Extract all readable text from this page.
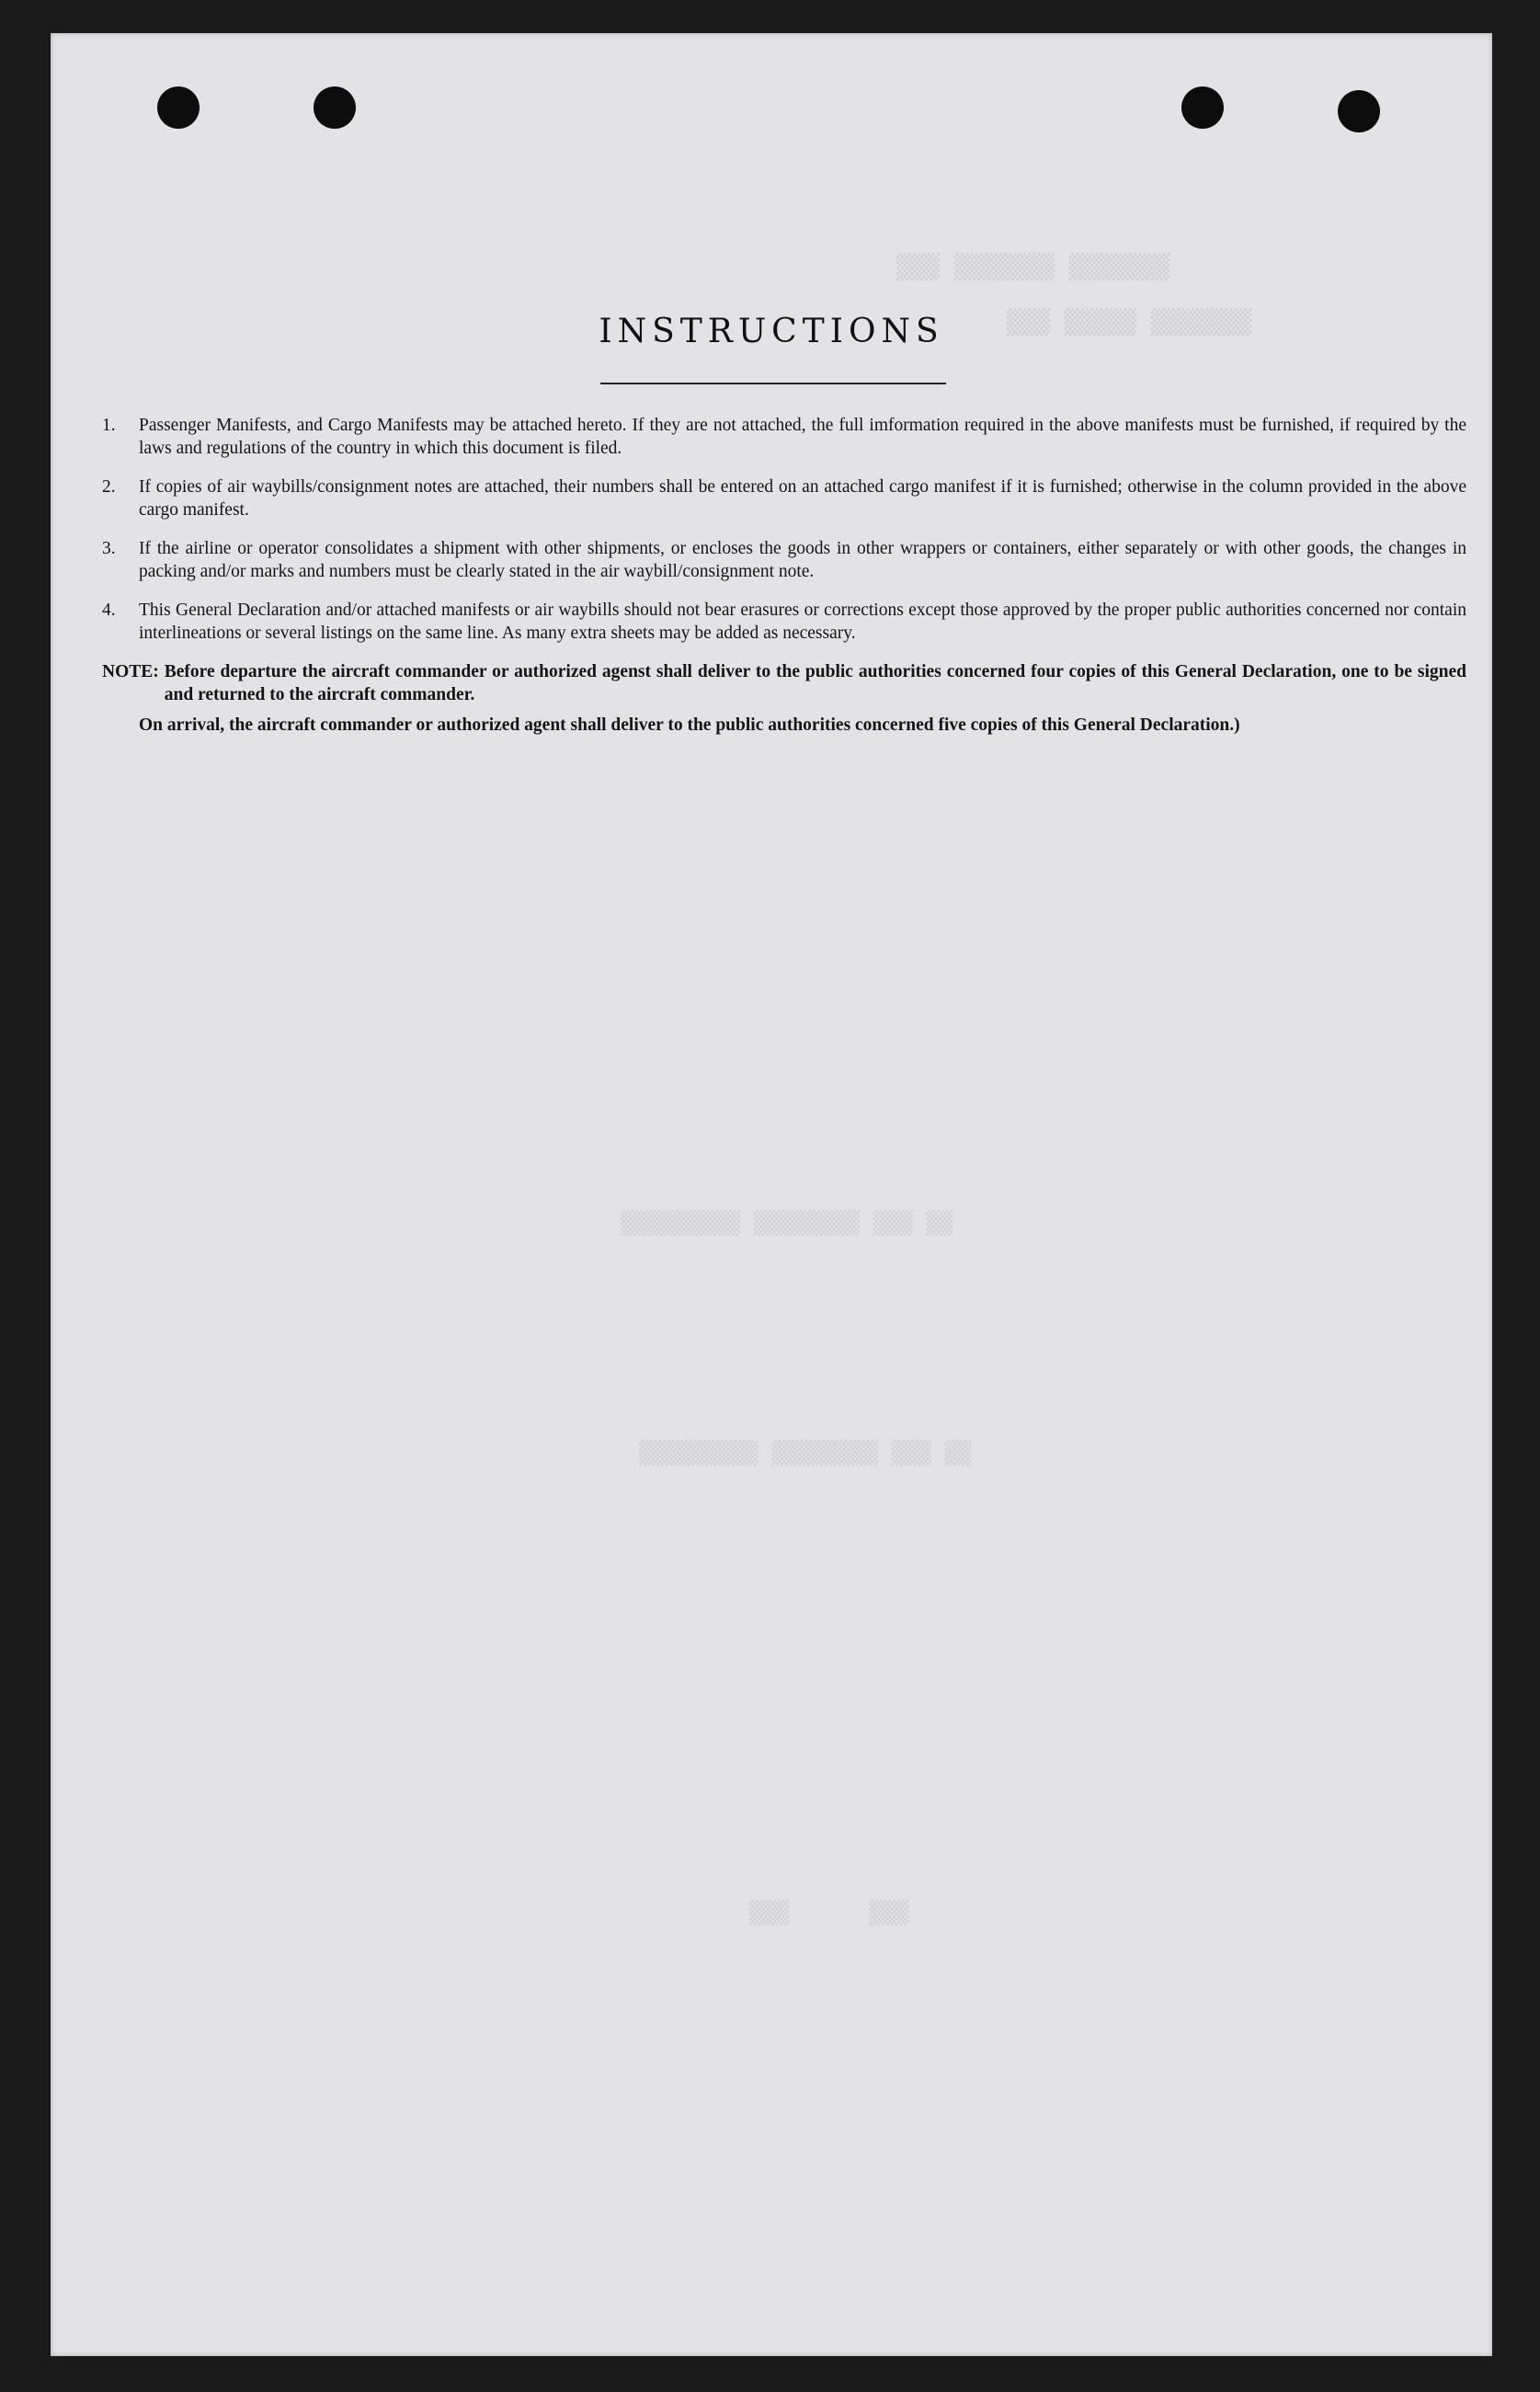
▒▒▒▒▒▒▒ ▒▒▒▒▒▒▒ ▒▒▒
▒▒▒▒▒▒▒ ▒▒▒▒▒ ▒▒▒
▒▒ ▒▒▒ ▒▒▒▒▒▒▒▒ ▒▒▒▒▒▒▒▒▒
▒▒ ▒▒▒ ▒▒▒▒▒▒▒▒ ▒▒▒▒▒▒▒▒▒
▒▒▒      ▒▒▒
INSTRUCTIONS
1.	Passenger Manifests, and Cargo Manifests may be attached hereto. If they are not attached, the full imformation required in the above manifests must be furnished, if required by the laws and regulations of the country in which this document is filed.
2.	If copies of air waybills/consignment notes are attached, their numbers shall be entered on an attached cargo manifest if it is furnished; otherwise in the column provided in the above cargo manifest.
3.	If the airline or operator consolidates a shipment with other shipments, or encloses the goods in other wrappers or containers, either separately or with other goods, the changes in packing and/or marks and numbers must be clearly stated in the air waybill/consignment note.
4.	This General Declaration and/or attached manifests or air waybills should not bear erasures or corrections except those approved by the proper public authorities concerned nor contain interlineations or several listings on the same line. As many extra sheets may be added as necessary.
NOTE: Before departure the aircraft commander or authorized agenst shall deliver to the public authorities concerned four copies of this General Declaration, one to be signed and returned to the aircraft commander.
On arrival, the aircraft commander or authorized agent shall deliver to the public authorities concerned five copies of this General Declaration.)
